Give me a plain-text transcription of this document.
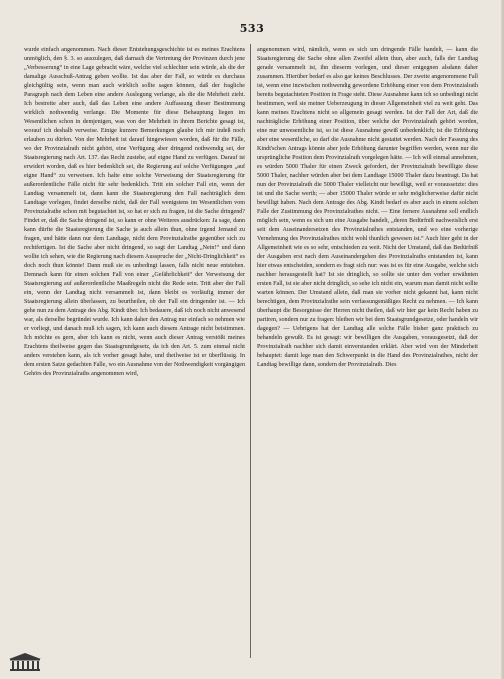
533

wurde einfach angenommen. Nach dieser Entstehungsgeschichte ist es meines Erachtens unmöglich, den §. 3. so auszulegen, daß darnach die Vertretung der Provinzen durch jene „Verbesserung“ in eine Lage gebracht wäre, welche viel schlechter sein würde, als die der damalige Ausschuß-Antrag geben wollte. Ist das aber der Fall, so würde es durchaus gleichgültig sein, wenn man auch wirklich sollte sagen können, daß der fragliche Paragraph nach dem Leben eine andere Auslegung verlange, als die die Mehrheit zieht. Ich bestreite aber auch, daß das Leben eine andere Auffassung dieser Bestimmung wirklich nothwendig verlange. Die Momente für diese Behauptung liegen im Wesentlichen schon in demjenigen, was von der Mehrheit in ihrem Berichte gesagt ist, worauf ich deshalb verweise. Einige kurzere Bemerkungen glaube ich mir indeß noch erlauben zu dürfen. Von der Mehrheit ist darauf hingewiesen worden, daß für die Fälle, wo der Provinzialrath nicht gehört, eine Verfügung aber dringend nothwendig sei, der Staatsregierung nach Art. 137. das Recht zustehe, auf eigne Hand zu verfügen. Darauf ist erwidert worden, daß es hier bedenklich sei, die Regierung auf solche Verfügungen „auf eigne Hand“ zu verweisen. Ich halte eine solche Verweisung der Staatsregierung für außerordentliche Fälle nicht für sehr bedenklich. Tritt ein solcher Fall ein, wenn der Landtag versammelt ist, dann kann die Staatsregierung den Fall nachträglich dem Landtage vorlegen, findet derselbe nicht, daß der Fall wenigstens im Wesentlichen vom Provinzialrathe schon mit begutachtet ist, so hat er sich zu fragen, ist die Sache dringend? Findet er, daß die Sache dringend ist, so kann er ohne Weiteres ausdrücken: Ja sage, dann kann dürfte die Staatsregierung die Sache ja auch allein thun, ohne irgend Jemand zu fragen, und hätte dann nur dem Landtage, nicht dem Provinzialrathe gegenüber sich zu rechtfertigen. Ist die Sache aber nicht dringend, so sagt der Landtag „Nein!“ und dann wollte ich sehen, wie die Regierung nach diesem Ausspruche der „Nicht-Dringlichkeit“ es doch noch thun könnte! Dann muß sie es unbedingt lassen, falls nicht neue entstehen. Demnach kann für einen solchen Fall von einer „Gefährlichkeit“ der Verweisung der Staatsregierung auf außerordentliche Maaßregeln nicht die Rede sein. Tritt aber der Fall ein, wenn der Landtag nicht versammelt ist, dann bleibt es vorläufig immer der Staatsregierung allein überlassen, zu beurtheilen, ob der Fall ein dringender ist. — Ich gehe nun zu dem Antrage des Abg. Kindt über. Ich bedauere, daß ich noch nicht anwesend war, als derselbe begründet wurde. Ich kann daher den Antrag nur einfach so nehmen wie er vorliegt, und danach muß ich sagen, ich kann auch diesem Antrage nicht beistimmen. Ich möchte es gern, aber ich kann es nicht, wenn auch dieser Antrag verstößt meines Erachtens theilweise gegen das Staatsgrundgesetz, da ich den Art. 5. zum einmal nicht anders verstehen kann, als ich vorher gesagt habe, und theilweise ist er überflüssig. In dem ersten Satze gedachten Falle, wo ein Ausnahme von der Nothwendigkeit vorgängigen Gehörs des Provinzialraths angenommen wird,

angenommen wird, nämlich, wenn es sich um dringende Fälle handelt, — kann die Staatsregierung die Sache ohne allen Zweifel allein thun, aber auch, falls der Landtag gerade versammelt ist, ihn dieserm vorlegen, und dieser entgegnen alsdann daher zusammen. Hierüber bedarf es also gar keines Beschlusses. Der zweite angenommene Fall ist, wenn eine inzwischen nothwendig gewordene Erhöhung einer von dem Provinzialrath bereits begutachteten Position in Frage steht. Diese Ausnahme kann ich so unbedingt nicht bestimmen, weil sie meiner Ueberzeugung in dieser Allgemeinheit viel zu weit geht. Das kann meines Erachtens nicht so allgemein gesagt werden. Ist der Fall der Art, daß die nachträgliche Erhöhung einer Position, über welche der Provinzialrath gehört worden, eine nur unwesentliche ist, so ist diese Ausnahme gewiß unbedenklich; ist die Erhöhung aber eine wesentliche, so darf die Ausnahme nicht gestattet werden. Nach der Fassung des Kindt'schen Antrags könnte aber jede Erhöhung darunter begriffen werden, wenn nur die ursprüngliche Position dem Provinzialrath vorgelegen hätte. — Ich will einmal annehmen, es würden 5000 Thaler für einen Zweck gefordert, der Provinzialrath bewilligte diese 5000 Thaler, nachher würden aber bei dem Landtage 15000 Thaler dazu beantragt. Da hat nun der Provinzialrath die 5000 Thaler vielleicht nur bewilligt, weil er voraussetzte: dies ist und die Sache werth; — aber 15000 Thaler würde er sehr möglicherweise dafür nicht bewilligt haben. Nach dem Antrage des Abg. Kindt bedarf es aber auch in einem solchen Falle der Zustimmung des Provinzialrathes nicht. — Eine fernere Ausnahme soll endlich möglich sein, wenn es sich um eine Ausgabe handelt, „deren Bedürfniß nachweislich erst seit dem Auseinandersetzen des Provinzialrathes entstanden, und wo eine vorherige Vernehmung des Provinzialrathes nicht wohl thunlich gewesen ist.“ Auch hier geht in der Allgemeinheit wie es so sehr, entschieden zu weit. Nicht der Umstand, daß das Bedürfniß der Ausgaben erst nach dem Auseinandergehen des Provinzialraths entstanden ist, kann hier etwas entscheiden, sondern es fragt sich nur: was ist es für eine Ausgabe, welche sich nachher herausgestellt hat? Ist sie dringlich, so sollte sie unter den vorher erwähnten ersten Fall, ist sie aber nicht dringlich, so sehe ich nicht ein, warum man damit nicht sollte warten können. Der Umstand allein, daß man sie vorher nicht gekannt hat, kann nicht berechtigen, dem Provinzialrathe sein verfassungsmäßiges Recht zu nehmen. — Ich kann überhaupt die Besorgnisse der Herren nicht theilen, daß wir hier gar kein Recht haben zu partiren, sondern nur zu fragen: bleiben wir bei dem Staatsgrundgesetze, oder handeln wir dagegen? — Uebrigens hat der Landtag alle solche Fälle bisher ganz praktisch zu behandeln gewußt. Es ist gesagt: wir bewilligen die Ausgaben, vorausgesetzt, daß der Provinzialrath nachher sich damit einverstanden erklärt. Aber wird von der Minderheit behauptet: damit lege man den Schwerpunkt in die Hand des Provinzialrathes, nicht der Landtag bewillige dann, sondern der Provinzialrath. Dies
